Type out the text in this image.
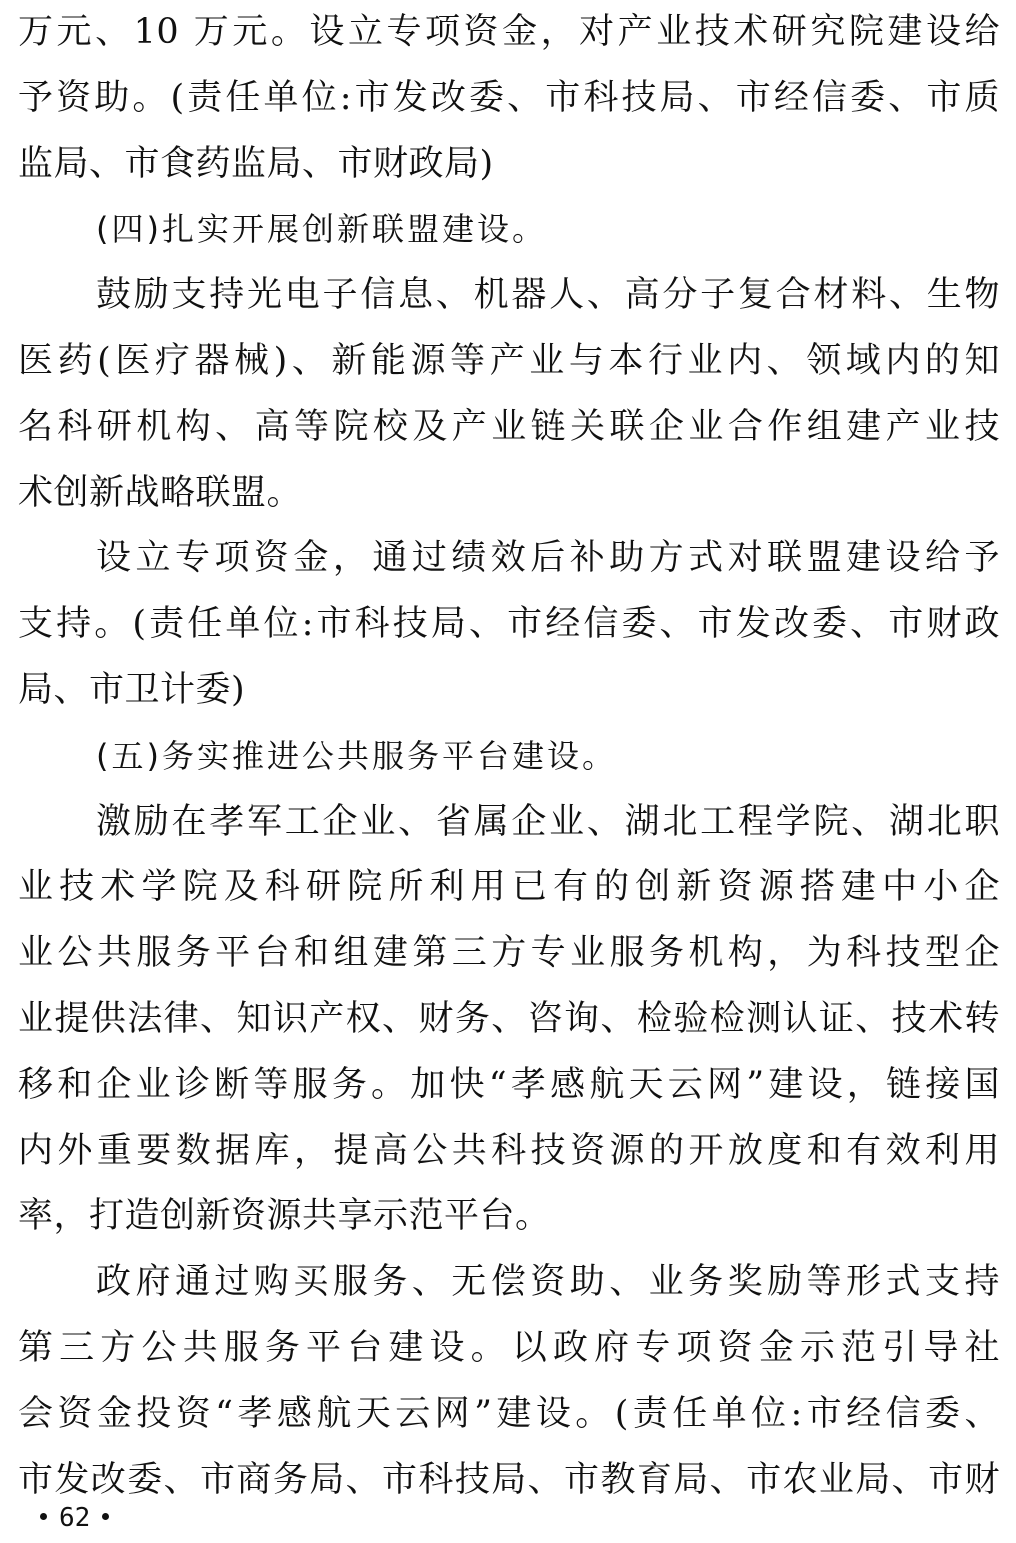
万元、10 万元。设立专项资金，对产业技术研究院建设给
予资助。(责任单位:市发改委、市科技局、市经信委、市质
监局、市食药监局、市财政局)
(四)扎实开展创新联盟建设。
鼓励支持光电子信息、机器人、高分子复合材料、生物
医药(医疗器械)、新能源等产业与本行业内、领域内的知
名科研机构、高等院校及产业链关联企业合作组建产业技
术创新战略联盟。
设立专项资金，通过绩效后补助方式对联盟建设给予
支持。(责任单位:市科技局、市经信委、市发改委、市财政
局、市卫计委)
(五)务实推进公共服务平台建设。
激励在孝军工企业、省属企业、湖北工程学院、湖北职
业技术学院及科研院所利用已有的创新资源搭建中小企
业公共服务平台和组建第三方专业服务机构，为科技型企
业提供法律、知识产权、财务、咨询、检验检测认证、技术转
移和企业诊断等服务。加快“孝感航天云网”建设，链接国
内外重要数据库，提高公共科技资源的开放度和有效利用
率，打造创新资源共享示范平台。
政府通过购买服务、无偿资助、业务奖励等形式支持
第三方公共服务平台建设。以政府专项资金示范引导社
会资金投资“孝感航天云网”建设。(责任单位:市经信委、
市发改委、市商务局、市科技局、市教育局、市农业局、市财
62
